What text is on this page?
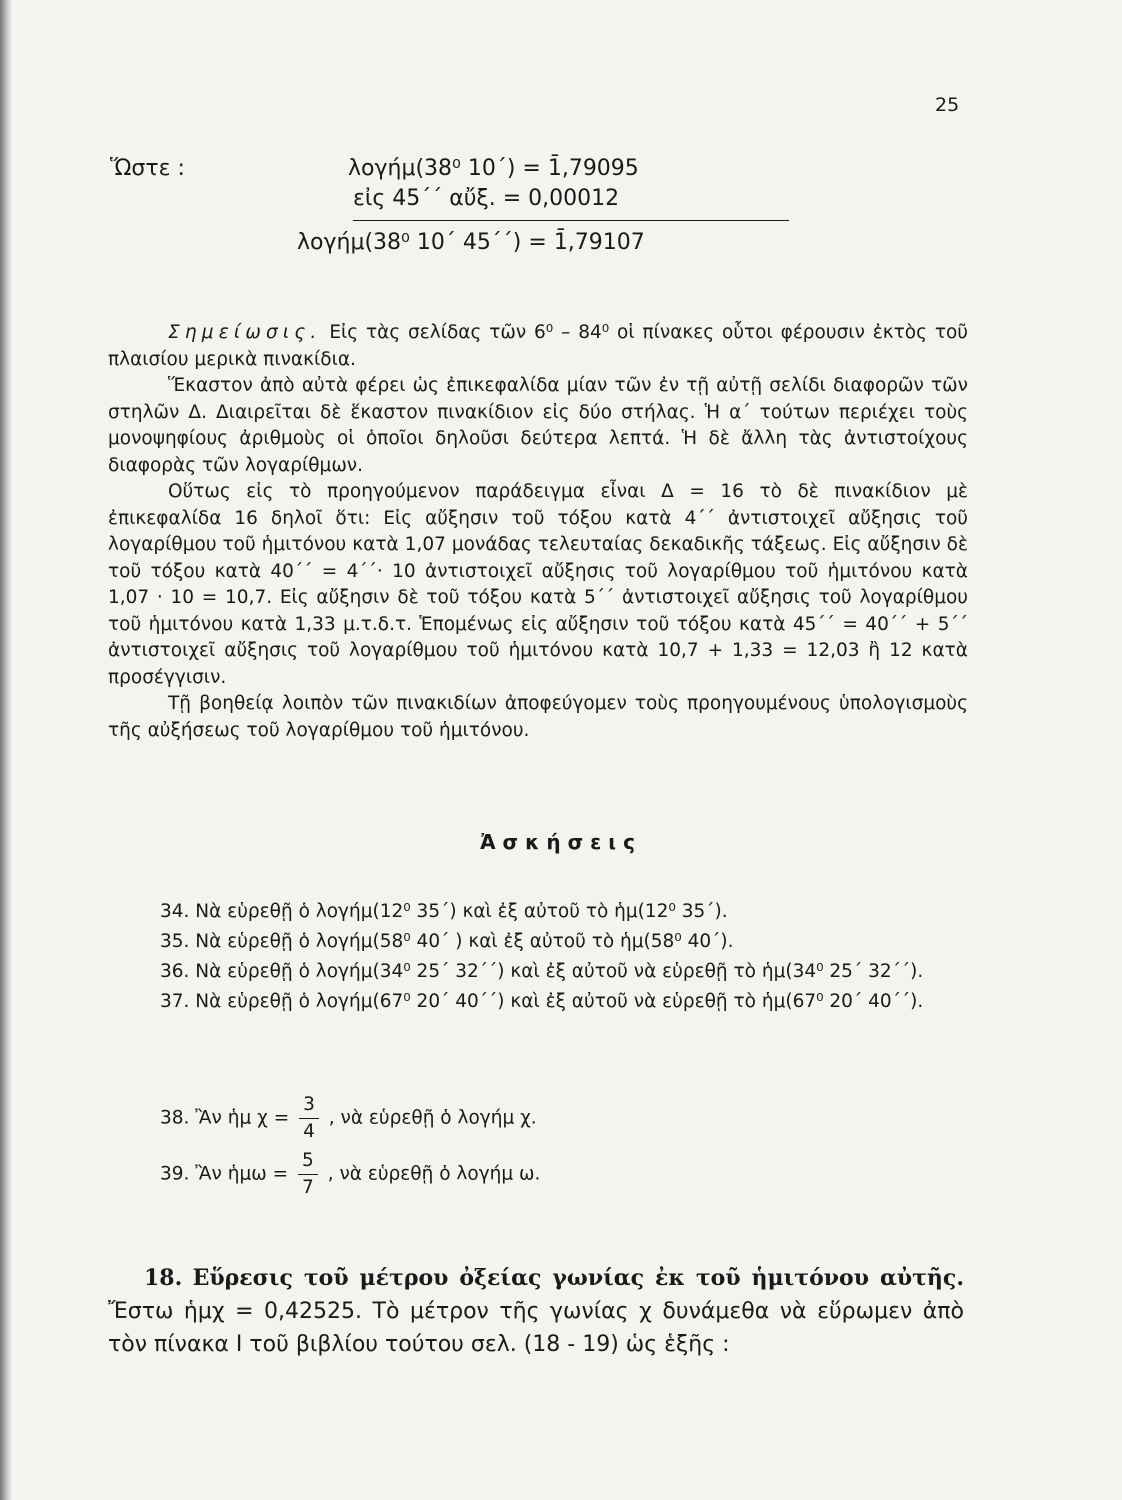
25
Ὥστε :	λογήμ(38⁰ 10΄) = 1̄,79095
εἰς 45΄΄ αὔξ. = 0,00012
λογήμ(38⁰ 10΄ 45΄΄) = 1̄,79107

Σημείωσις. Εἰς τὰς σελίδας τῶν 6⁰ – 84⁰ οἱ πίνακες οὗτοι φέρουσιν ἐκτὸς τοῦ πλαισίου μερικὰ πινακίδια.

Ἕκαστον ἀπὸ αὐτὰ φέρει ὡς ἐπικεφαλίδα μίαν τῶν ἐν τῇ αὐτῇ σελίδι διαφορῶν τῶν στηλῶν Δ. Διαιρεῖται δὲ ἕκαστον πινακίδιον εἰς δύο στήλας. Ἡ α΄ τούτων περιέχει τοὺς μονοψηφίους ἀριθμοὺς οἱ ὁποῖοι δηλοῦσι δεύτερα λεπτά. Ἡ δὲ ἄλλη τὰς ἀντιστοίχους διαφορὰς τῶν λογαρίθμων.

Οὕτως εἰς τὸ προηγούμενον παράδειγμα εἶναι Δ = 16 τὸ δὲ πινακίδιον μὲ ἐπικεφαλίδα 16 δηλοῖ ὅτι: Εἰς αὔξησιν τοῦ τόξου κατὰ 4΄΄ ἀντιστοιχεῖ αὔξησις τοῦ λογαρίθμου τοῦ ἡμιτόνου κατὰ 1,07 μονάδας τελευταίας δεκαδικῆς τάξεως. Εἰς αὔξησιν δὲ τοῦ τόξου κατὰ 40΄΄ = 4΄΄· 10 ἀντιστοιχεῖ αὔξησις τοῦ λογαρίθμου τοῦ ἡμιτόνου κατὰ 1,07 · 10 = 10,7. Εἰς αὔξησιν δὲ τοῦ τόξου κατὰ 5΄΄ ἀντιστοιχεῖ αὔξησις τοῦ λογαρίθμου τοῦ ἡμιτόνου κατὰ 1,33 μ.τ.δ.τ. Ἑπομένως εἰς αὔξησιν τοῦ τόξου κατὰ 45΄΄ = 40΄΄ + 5΄΄ ἀντιστοιχεῖ αὔξησις τοῦ λογαρίθμου τοῦ ἡμιτόνου κατὰ 10,7 + 1,33 = 12,03 ἢ 12 κατὰ προσέγγισιν.

Τῇ βοηθείᾳ λοιπὸν τῶν πινακιδίων ἀποφεύγομεν τοὺς προηγουμένους ὑπολογισμοὺς τῆς αὐξήσεως τοῦ λογαρίθμου τοῦ ἡμιτόνου.

Ἀσκήσεις

34. Νὰ εὑρεθῇ ὁ λογήμ(12⁰ 35΄) καὶ ἐξ αὐτοῦ τὸ ἡμ(12⁰ 35΄).

35. Νὰ εὑρεθῇ ὁ λογήμ(58⁰ 40΄ ) καὶ ἐξ αὐτοῦ τὸ ἡμ(58⁰ 40΄).

36. Νὰ εὑρεθῇ ὁ λογήμ(34⁰ 25΄ 32΄΄) καὶ ἐξ αὐτοῦ νὰ εὑρεθῇ τὸ ἡμ(34⁰ 25΄ 32΄΄).

37. Νὰ εὑρεθῇ ὁ λογήμ(67⁰ 20΄ 40΄΄) καὶ ἐξ αὐτοῦ νὰ εὑρεθῇ τὸ ἡμ(67⁰ 20΄ 40΄΄).

38. Ἂν ἡμ $\chi = \frac{3}{4}$ , νὰ εὑρεθῇ ὁ λογήμ χ.
39. Ἂν ἡμω = $\frac{5}{7}$ , νὰ εὑρεθῇ ὁ λογήμ ω.

18. Εὕρεσις τοῦ μέτρου ὀξείας γωνίας ἐκ τοῦ ἡμιτόνου αὐτῆς. Ἔστω ἡμχ = 0,42525. Τὸ μέτρον τῆς γωνίας χ δυνάμεθα νὰ εὕρωμεν ἀπὸ τὸν πίνακα I τοῦ βιβλίου τούτου σελ. (18 - 19) ὡς ἑξῆς :
